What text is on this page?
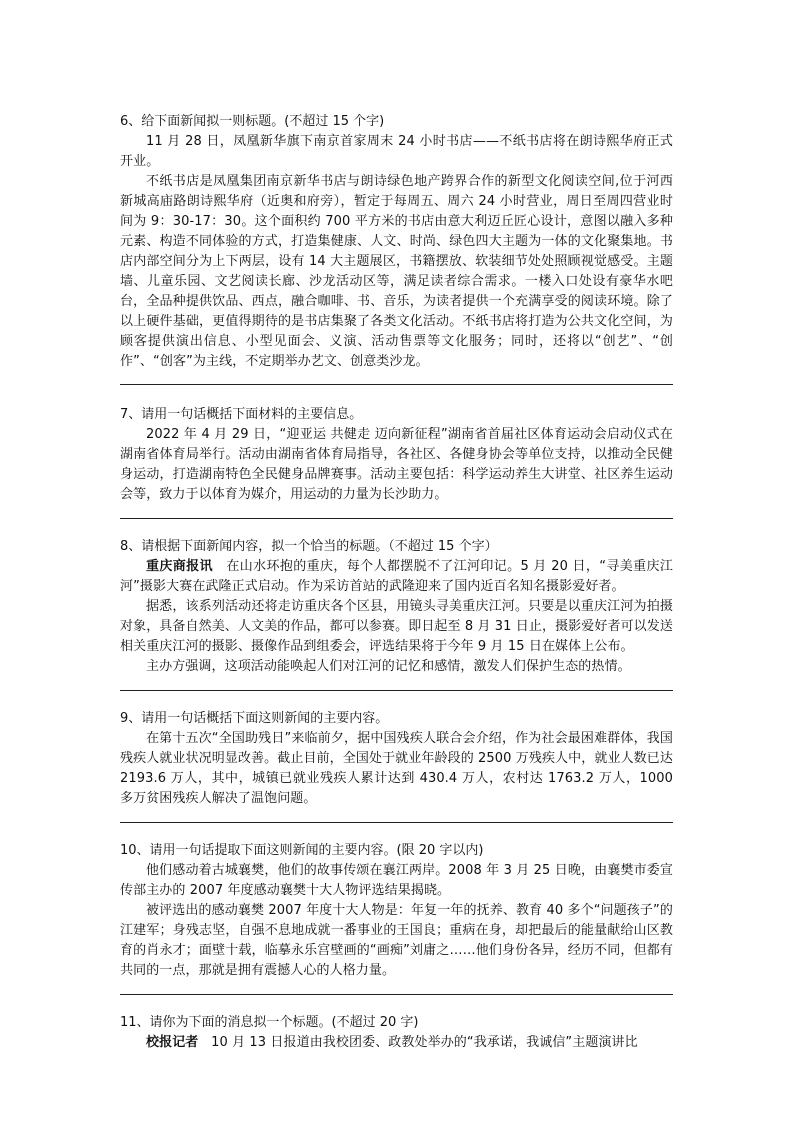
6、给下面新闻拟一则标题。(不超过 15 个字)

11 月 28 日，凤凰新华旗下南京首家周末 24 小时书店——不纸书店将在朗诗熙华府正式开业。

不纸书店是凤凰集团南京新华书店与朗诗绿色地产跨界合作的新型文化阅读空间,位于河西新城高庙路朗诗熙华府（近奥和府旁），暂定于每周五、周六 24 小时营业，周日至周四营业时间为 9：30-17：30。这个面积约 700 平方米的书店由意大利迈丘匠心设计，意图以融入多种元素、构造不同体验的方式，打造集健康、人文、时尚、绿色四大主题为一体的文化聚集地。书店内部空间分为上下两层，设有 14 大主题展区，书籍摆放、软装细节处处照顾视觉感受。主题墙、儿童乐园、文艺阅读长廊、沙龙活动区等，满足读者综合需求。一楼入口处设有豪华水吧台，全品种提供饮品、西点，融合咖啡、书、音乐，为读者提供一个充满享受的阅读环境。除了以上硬件基础，更值得期待的是书店集聚了各类文化活动。不纸书店将打造为公共文化空间，为顾客提供演出信息、小型见面会、义演、活动售票等文化服务；同时，还将以“创艺”、“创作”、“创客”为主线，不定期举办艺文、创意类沙龙。

7、请用一句话概括下面材料的主要信息。

2022 年 4 月 29 日，“迎亚运 共健走 迈向新征程”湖南省首届社区体育运动会启动仪式在湖南省体育局举行。活动由湖南省体育局指导，各社区、各健身协会等单位支持，以推动全民健身运动，打造湖南特色全民健身品牌赛事。活动主要包括：科学运动养生大讲堂、社区养生运动会等，致力于以体育为媒介，用运动的力量为长沙助力。

8、请根据下面新闻内容，拟一个恰当的标题。（不超过 15 个字）

重庆商报讯 在山水环抱的重庆，每个人都摆脱不了江河印记。5 月 20 日，“寻美重庆江河”摄影大赛在武隆正式启动。作为采访首站的武隆迎来了国内近百名知名摄影爱好者。

据悉，该系列活动还将走访重庆各个区县，用镜头寻美重庆江河。只要是以重庆江河为拍摄对象，具备自然美、人文美的作品，都可以参赛。即日起至 8 月 31 日止，摄影爱好者可以发送相关重庆江河的摄影、摄像作品到组委会，评选结果将于今年 9 月 15 日在媒体上公布。

主办方强调，这项活动能唤起人们对江河的记忆和感情，激发人们保护生态的热情。

9、请用一句话概括下面这则新闻的主要内容。

在第十五次“全国助残日”来临前夕，据中国残疾人联合会介绍，作为社会最困难群体，我国残疾人就业状况明显改善。截止目前，全国处于就业年龄段的 2500 万残疾人中，就业人数已达 2193.6 万人，其中，城镇已就业残疾人累计达到 430.4 万人，农村达 1763.2 万人，1000 多万贫困残疾人解决了温饱问题。

10、请用一句话提取下面这则新闻的主要内容。(限 20 字以内)

他们感动着古城襄樊，他们的故事传颂在襄江两岸。2008 年 3 月 25 日晚，由襄樊市委宣传部主办的 2007 年度感动襄樊十大人物评选结果揭晓。

被评选出的感动襄樊 2007 年度十大人物是：年复一年的抚养、教育 40 多个“问题孩子”的江建军；身残志坚，自强不息地成就一番事业的王国良；重病在身，却把最后的能量献给山区教育的肖永才；面壁十载，临摹永乐宫壁画的“画痴”刘庸之……他们身份各异，经历不同，但都有共同的一点，那就是拥有震撼人心的人格力量。

11、请你为下面的消息拟一个标题。(不超过 20 字)

校报记者 10 月 13 日报道由我校团委、政教处举办的“我承诺，我诚信”主题演讲比
